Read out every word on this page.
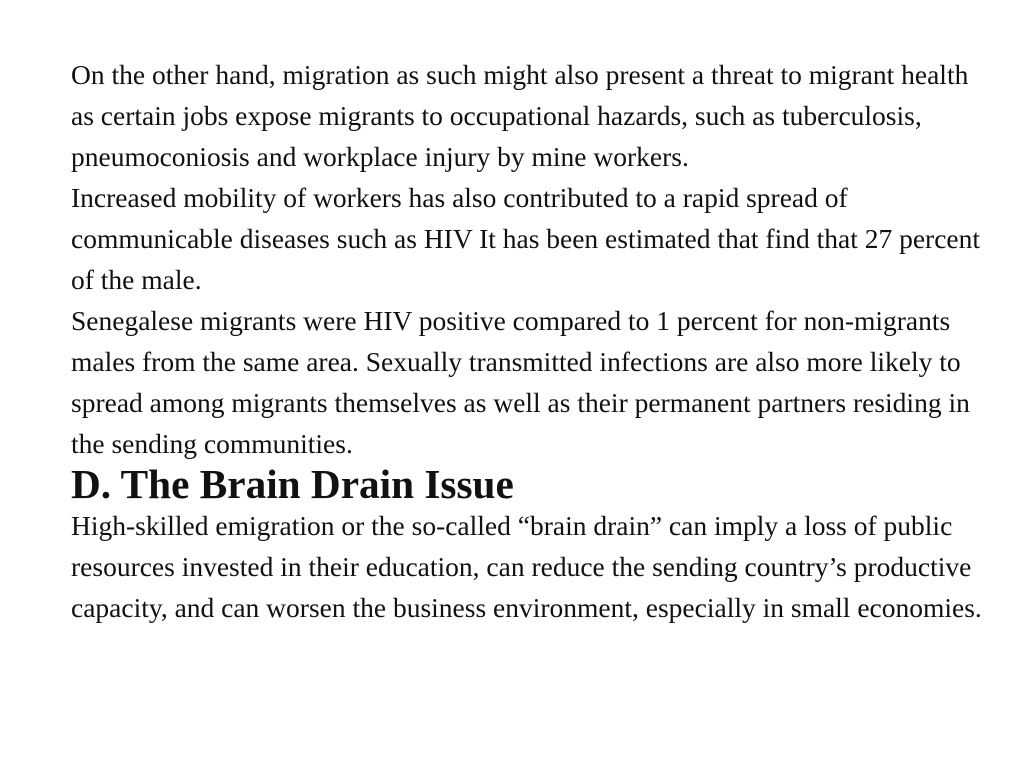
On the other hand, migration as such might also present a threat to migrant health as certain jobs expose migrants to occupational hazards, such as tuberculosis, pneumoconiosis and workplace injury by mine workers.

Increased mobility of workers has also contributed to a rapid spread of communicable diseases such as HIV It has been estimated that find that 27 percent of the male.

Senegalese migrants were HIV positive compared to 1 percent for non-migrants males from the same area. Sexually transmitted infections are also more likely to spread among migrants themselves as well as their permanent partners residing in the sending communities.

D. The Brain Drain Issue

High-skilled emigration or the so-called “brain drain” can imply a loss of public resources invested in their education, can reduce the sending country’s productive capacity, and can worsen the business environment, especially in small economies.
